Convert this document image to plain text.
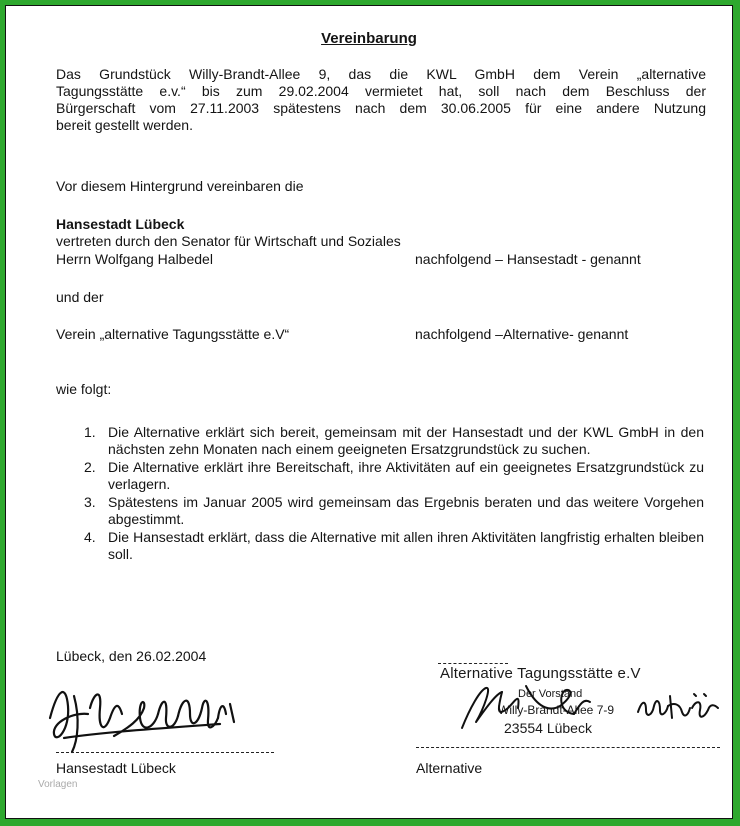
Vereinbarung
Das Grundstück Willy-Brandt-Allee 9, das die KWL GmbH dem Verein „alternative
Tagungsstätte e.v.“ bis zum 29.02.2004 vermietet hat, soll nach dem Beschluss der
Bürgerschaft vom 27.11.2003 spätestens nach dem 30.06.2005 für eine andere Nutzung
bereit gestellt werden.
Vor diesem Hintergrund vereinbaren die
Hansestadt Lübeck
vertreten durch den Senator für Wirtschaft und Soziales
Herrn Wolfgang Halbedel	nachfolgend – Hansestadt - genannt
und der
Verein „alternative Tagungsstätte e.V“	nachfolgend –Alternative- genannt
wie folgt:
1. Die Alternative erklärt sich bereit, gemeinsam mit der Hansestadt und der KWL GmbH in den nächsten zehn Monaten nach einem geeigneten Ersatzgrundstück zu suchen.
2. Die Alternative erklärt ihre Bereitschaft, ihre Aktivitäten auf ein geeignetes Ersatzgrundstück zu verlagern.
3. Spätestens im Januar 2005 wird gemeinsam das Ergebnis beraten und das weitere Vorgehen abgestimmt.
4. Die Hansestadt erklärt, dass die Alternative mit allen ihren Aktivitäten langfristig erhalten bleiben soll.
Lübeck, den 26.02.2004
Hansestadt Lübeck
Alternative Tagungsstätte e.V
Der Vorstand
Willy-Brandt-Allee 7-9
23554 Lübeck
Alternative
Vorlagen
